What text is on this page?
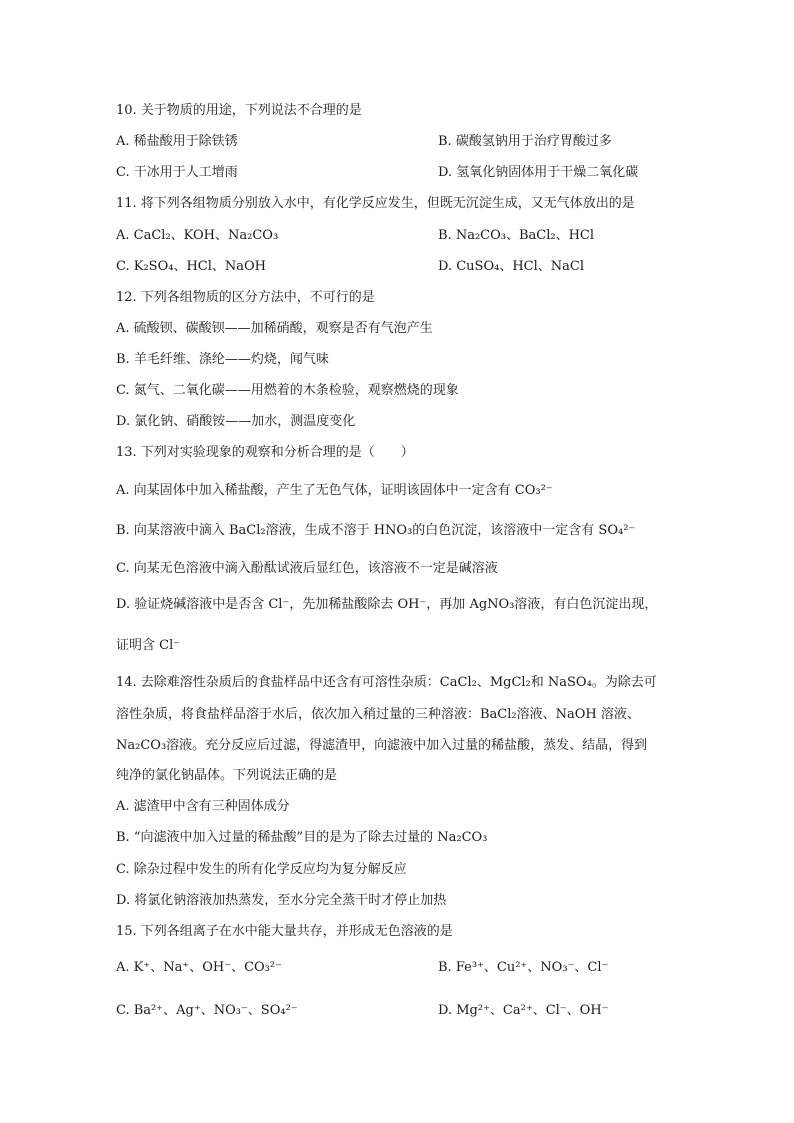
10. 关于物质的用途，下列说法不合理的是
A. 稀盐酸用于除铁锈	B. 碳酸氢钠用于治疗胃酸过多
C. 干冰用于人工增雨	D. 氢氧化钠固体用于干燥二氧化碳
11. 将下列各组物质分别放入水中，有化学反应发生，但既无沉淀生成，又无气体放出的是
A. CaCl₂、KOH、Na₂CO₃	B. Na₂CO₃、BaCl₂、HCl
C. K₂SO₄、HCl、NaOH	D. CuSO₄、HCl、NaCl
12. 下列各组物质的区分方法中，不可行的是
A. 硫酸钡、碳酸钡——加稀硝酸，观察是否有气泡产生
B. 羊毛纤维、涤纶——灼烧，闻气味
C. 氮气、二氧化碳——用燃着的木条检验，观察燃烧的现象
D. 氯化钠、硝酸铵——加水，测温度变化
13. 下列对实验现象的观察和分析合理的是（　　）
A. 向某固体中加入稀盐酸，产生了无色气体，证明该固体中一定含有 CO₃²⁻
B. 向某溶液中滴入 BaCl₂溶液，生成不溶于 HNO₃的白色沉淀，该溶液中一定含有 SO₄²⁻
C. 向某无色溶液中滴入酚酞试液后显红色，该溶液不一定是碱溶液
D. 验证烧碱溶液中是否含 Cl⁻，先加稀盐酸除去 OH⁻，再加 AgNO₃溶液，有白色沉淀出现，
证明含 Cl⁻
14. 去除难溶性杂质后的食盐样品中还含有可溶性杂质：CaCl₂、MgCl₂和 NaSO₄。为除去可
溶性杂质，将食盐样品溶于水后，依次加入稍过量的三种溶液：BaCl₂溶液、NaOH 溶液、
Na₂CO₃溶液。充分反应后过滤，得滤渣甲，向滤液中加入过量的稀盐酸，蒸发、结晶，得到
纯净的氯化钠晶体。下列说法正确的是
A. 滤渣甲中含有三种固体成分
B. “向滤液中加入过量的稀盐酸”目的是为了除去过量的 Na₂CO₃
C. 除杂过程中发生的所有化学反应均为复分解反应
D. 将氯化钠溶液加热蒸发，至水分完全蒸干时才停止加热
15. 下列各组离子在水中能大量共存，并形成无色溶液的是
A. K⁺、Na⁺、OH⁻、CO₃²⁻	B. Fe³⁺、Cu²⁺、NO₃⁻、Cl⁻
C. Ba²⁺、Ag⁺、NO₃⁻、SO₄²⁻	D. Mg²⁺、Ca²⁺、Cl⁻、OH⁻
